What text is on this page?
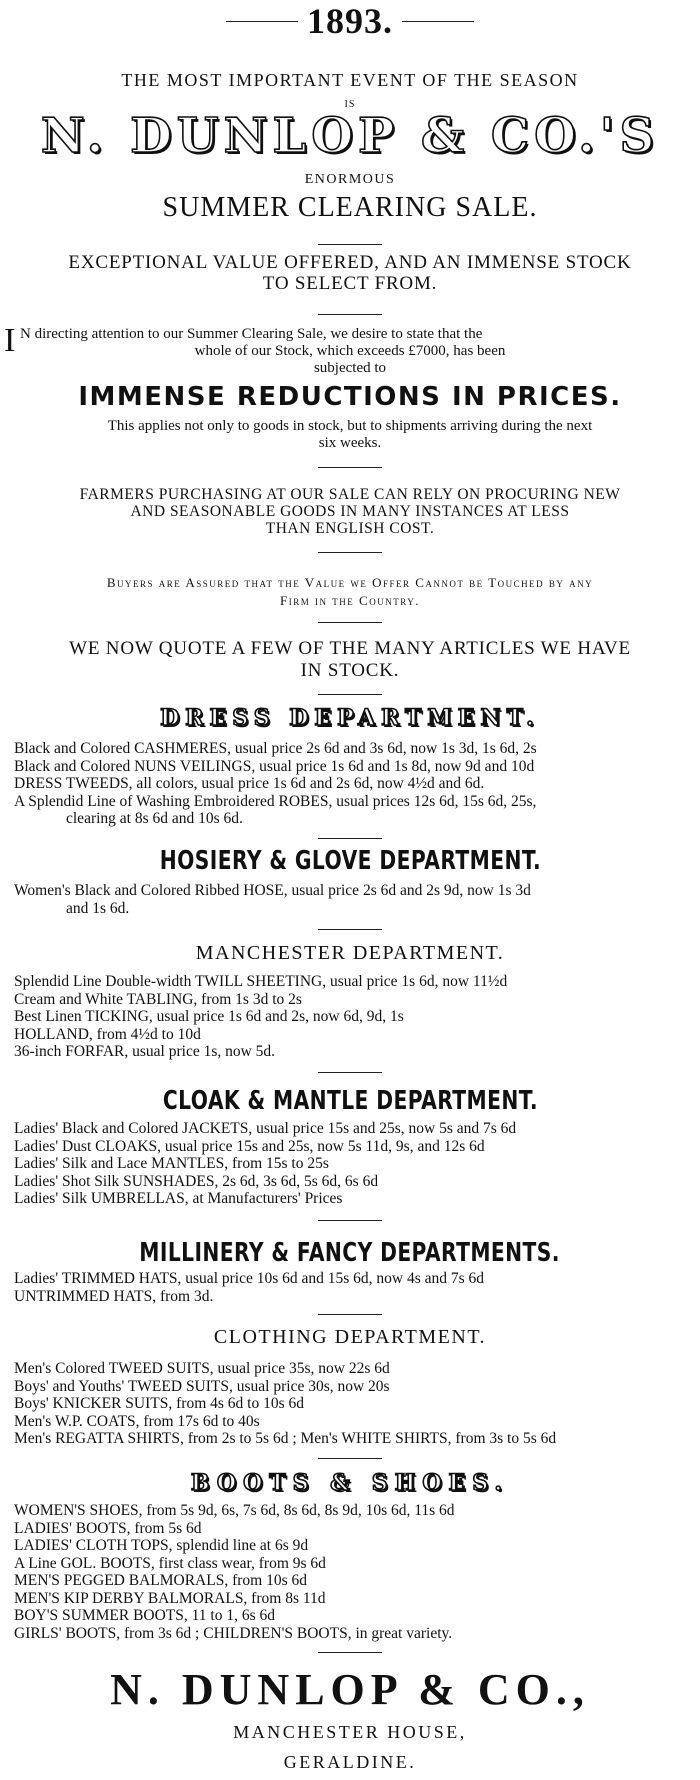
1893.
THE MOST IMPORTANT EVENT OF THE SEASON
IS
N. DUNLOP & CO.'S
ENORMOUS
SUMMER CLEARING SALE.
EXCEPTIONAL VALUE OFFERED, AND AN IMMENSE STOCK
TO SELECT FROM.
I N directing attention to our Summer Clearing Sale, we desire to state that the
whole of our Stock, which exceeds £7000, has been
subjected to
IMMENSE REDUCTIONS IN PRICES.
This applies not only to goods in stock, but to shipments arriving during the next
six weeks.
FARMERS PURCHASING AT OUR SALE CAN RELY ON PROCURING NEW
AND SEASONABLE GOODS IN MANY INSTANCES AT LESS
THAN ENGLISH COST.
Buyers are Assured that the Value we Offer Cannot be Touched by any
Firm in the Country.
WE NOW QUOTE A FEW OF THE MANY ARTICLES WE HAVE
IN STOCK.
DRESS DEPARTMENT.
Black and Colored CASHMERES, usual price 2s 6d and 3s 6d, now 1s 3d, 1s 6d, 2s
Black and Colored NUNS VEILINGS, usual price 1s 6d and 1s 8d, now 9d and 10d
DRESS TWEEDS, all colors, usual price 1s 6d and 2s 6d, now 4½d and 6d.
A Splendid Line of Washing Embroidered ROBES, usual prices 12s 6d, 15s 6d, 25s,
clearing at 8s 6d and 10s 6d.
HOSIERY & GLOVE DEPARTMENT.
Women's Black and Colored Ribbed HOSE, usual price 2s 6d and 2s 9d, now 1s 3d
and 1s 6d.
MANCHESTER DEPARTMENT.
Splendid Line Double-width TWILL SHEETING, usual price 1s 6d, now 11½d
Cream and White TABLING, from 1s 3d to 2s
Best Linen TICKING, usual price 1s 6d and 2s, now 6d, 9d, 1s
HOLLAND, from 4½d to 10d
36-inch FORFAR, usual price 1s, now 5d.
CLOAK & MANTLE DEPARTMENT.
Ladies' Black and Colored JACKETS, usual price 15s and 25s, now 5s and 7s 6d
Ladies' Dust CLOAKS, usual price 15s and 25s, now 5s 11d, 9s, and 12s 6d
Ladies' Silk and Lace MANTLES, from 15s to 25s
Ladies' Shot Silk SUNSHADES, 2s 6d, 3s 6d, 5s 6d, 6s 6d
Ladies' Silk UMBRELLAS, at Manufacturers' Prices
MILLINERY & FANCY DEPARTMENTS.
Ladies' TRIMMED HATS, usual price 10s 6d and 15s 6d, now 4s and 7s 6d
UNTRIMMED HATS, from 3d.
CLOTHING DEPARTMENT.
Men's Colored TWEED SUITS, usual price 35s, now 22s 6d
Boys' and Youths' TWEED SUITS, usual price 30s, now 20s
Boys' KNICKER SUITS, from 4s 6d to 10s 6d
Men's W.P. COATS, from 17s 6d to 40s
Men's REGATTA SHIRTS, from 2s to 5s 6d ; Men's WHITE SHIRTS, from 3s to 5s 6d
BOOTS & SHOES.
WOMEN'S SHOES, from 5s 9d, 6s, 7s 6d, 8s 6d, 8s 9d, 10s 6d, 11s 6d
LADIES' BOOTS, from 5s 6d
LADIES' CLOTH TOPS, splendid line at 6s 9d
A Line GOL. BOOTS, first class wear, from 9s 6d
MEN'S PEGGED BALMORALS, from 10s 6d
MEN'S KIP DERBY BALMORALS, from 8s 11d
BOY'S SUMMER BOOTS, 11 to 1, 6s 6d
GIRLS' BOOTS, from 3s 6d ; CHILDREN'S BOOTS, in great variety.
N. DUNLOP & CO.,
MANCHESTER HOUSE,
GERALDINE.
